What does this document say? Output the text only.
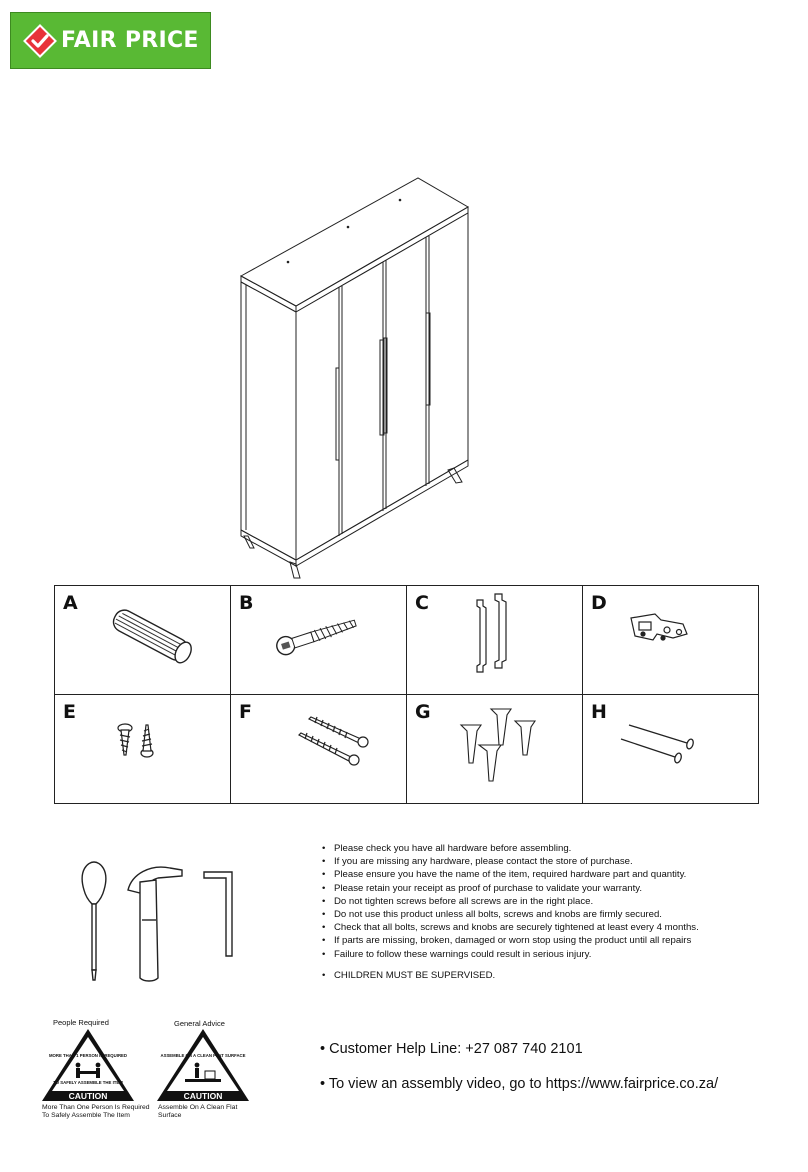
FAIR PRICE
A	B	C	D

E	F	G	H
• Please check you have all hardware before assembling.
• If you are missing any hardware, please contact the store of purchase.
• Please ensure you have the name of the item, required hardware part and quantity.
• Please retain your receipt as proof of purchase to validate your warranty.
• Do not tighten screws before all screws are in the right place.
• Do not use this product unless all bolts, screws and knobs are firmly secured.
• Check that all bolts, screws and knobs are securely tightened at least every 4 months.
• If parts are missing, broken, damaged or worn stop using the product until all repairs
• Failure to follow these warnings could result in serious injury.
• CHILDREN MUST BE SUPERVISED.
• Customer Help Line: +27 087 740 2101
• To view an assembly video, go to https://www.fairprice.co.za/
People Required
MORE THAN 1 PERSON IS REQUIRED
TO SAFELY ASSEMBLE THE ITEM
CAUTION
More Than One Person Is Required
To Safely Assemble The Item
General Advice
ASSEMBLE ON A CLEAN FLAT SURFACE
CAUTION
Assemble On A Clean Flat
Surface
